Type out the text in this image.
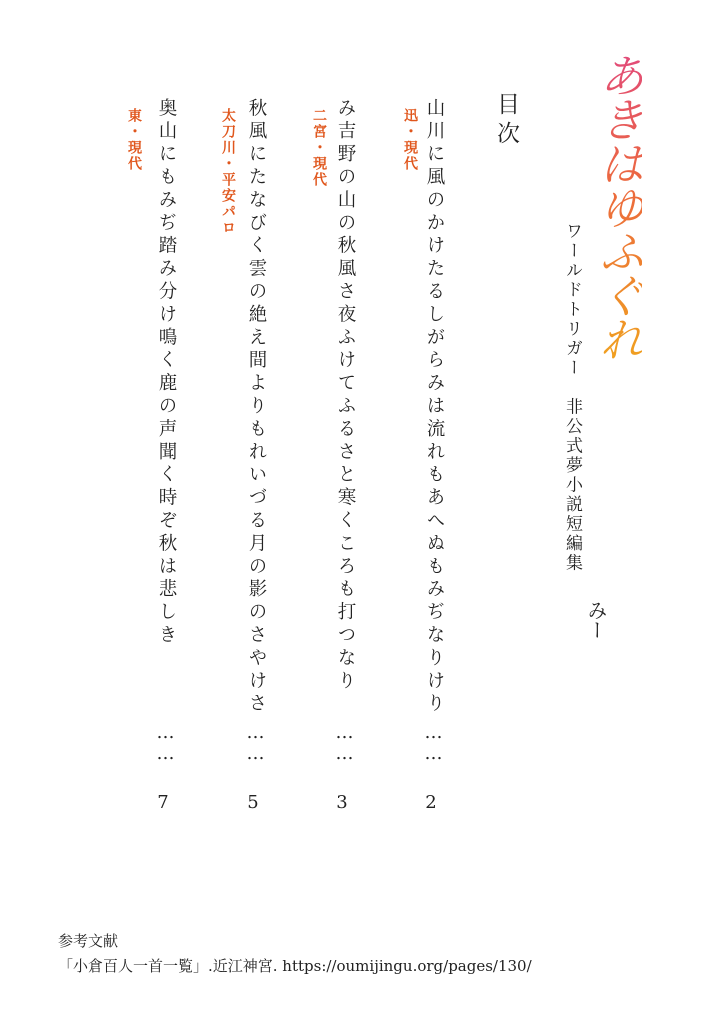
あきはゆふぐれ
ワールドトリガー　非公式夢小説短編集
みー
目次
山川に風のかけたるしがらみは流れもあへぬもみぢなりけり
迅・現代
……
2
み吉野の山の秋風さ夜ふけてふるさと寒くころも打つなり
二宮・現代
……
3
秋風にたなびく雲の絶え間よりもれいづる月の影のさやけさ
太刀川・平安パロ
……
5
奥山にもみぢ踏み分け鳴く鹿の声聞く時ぞ秋は悲しき
東・現代
……
7
参考文献
「小倉百人一首一覧」.近江神宮. https://oumijingu.org/pages/130/
